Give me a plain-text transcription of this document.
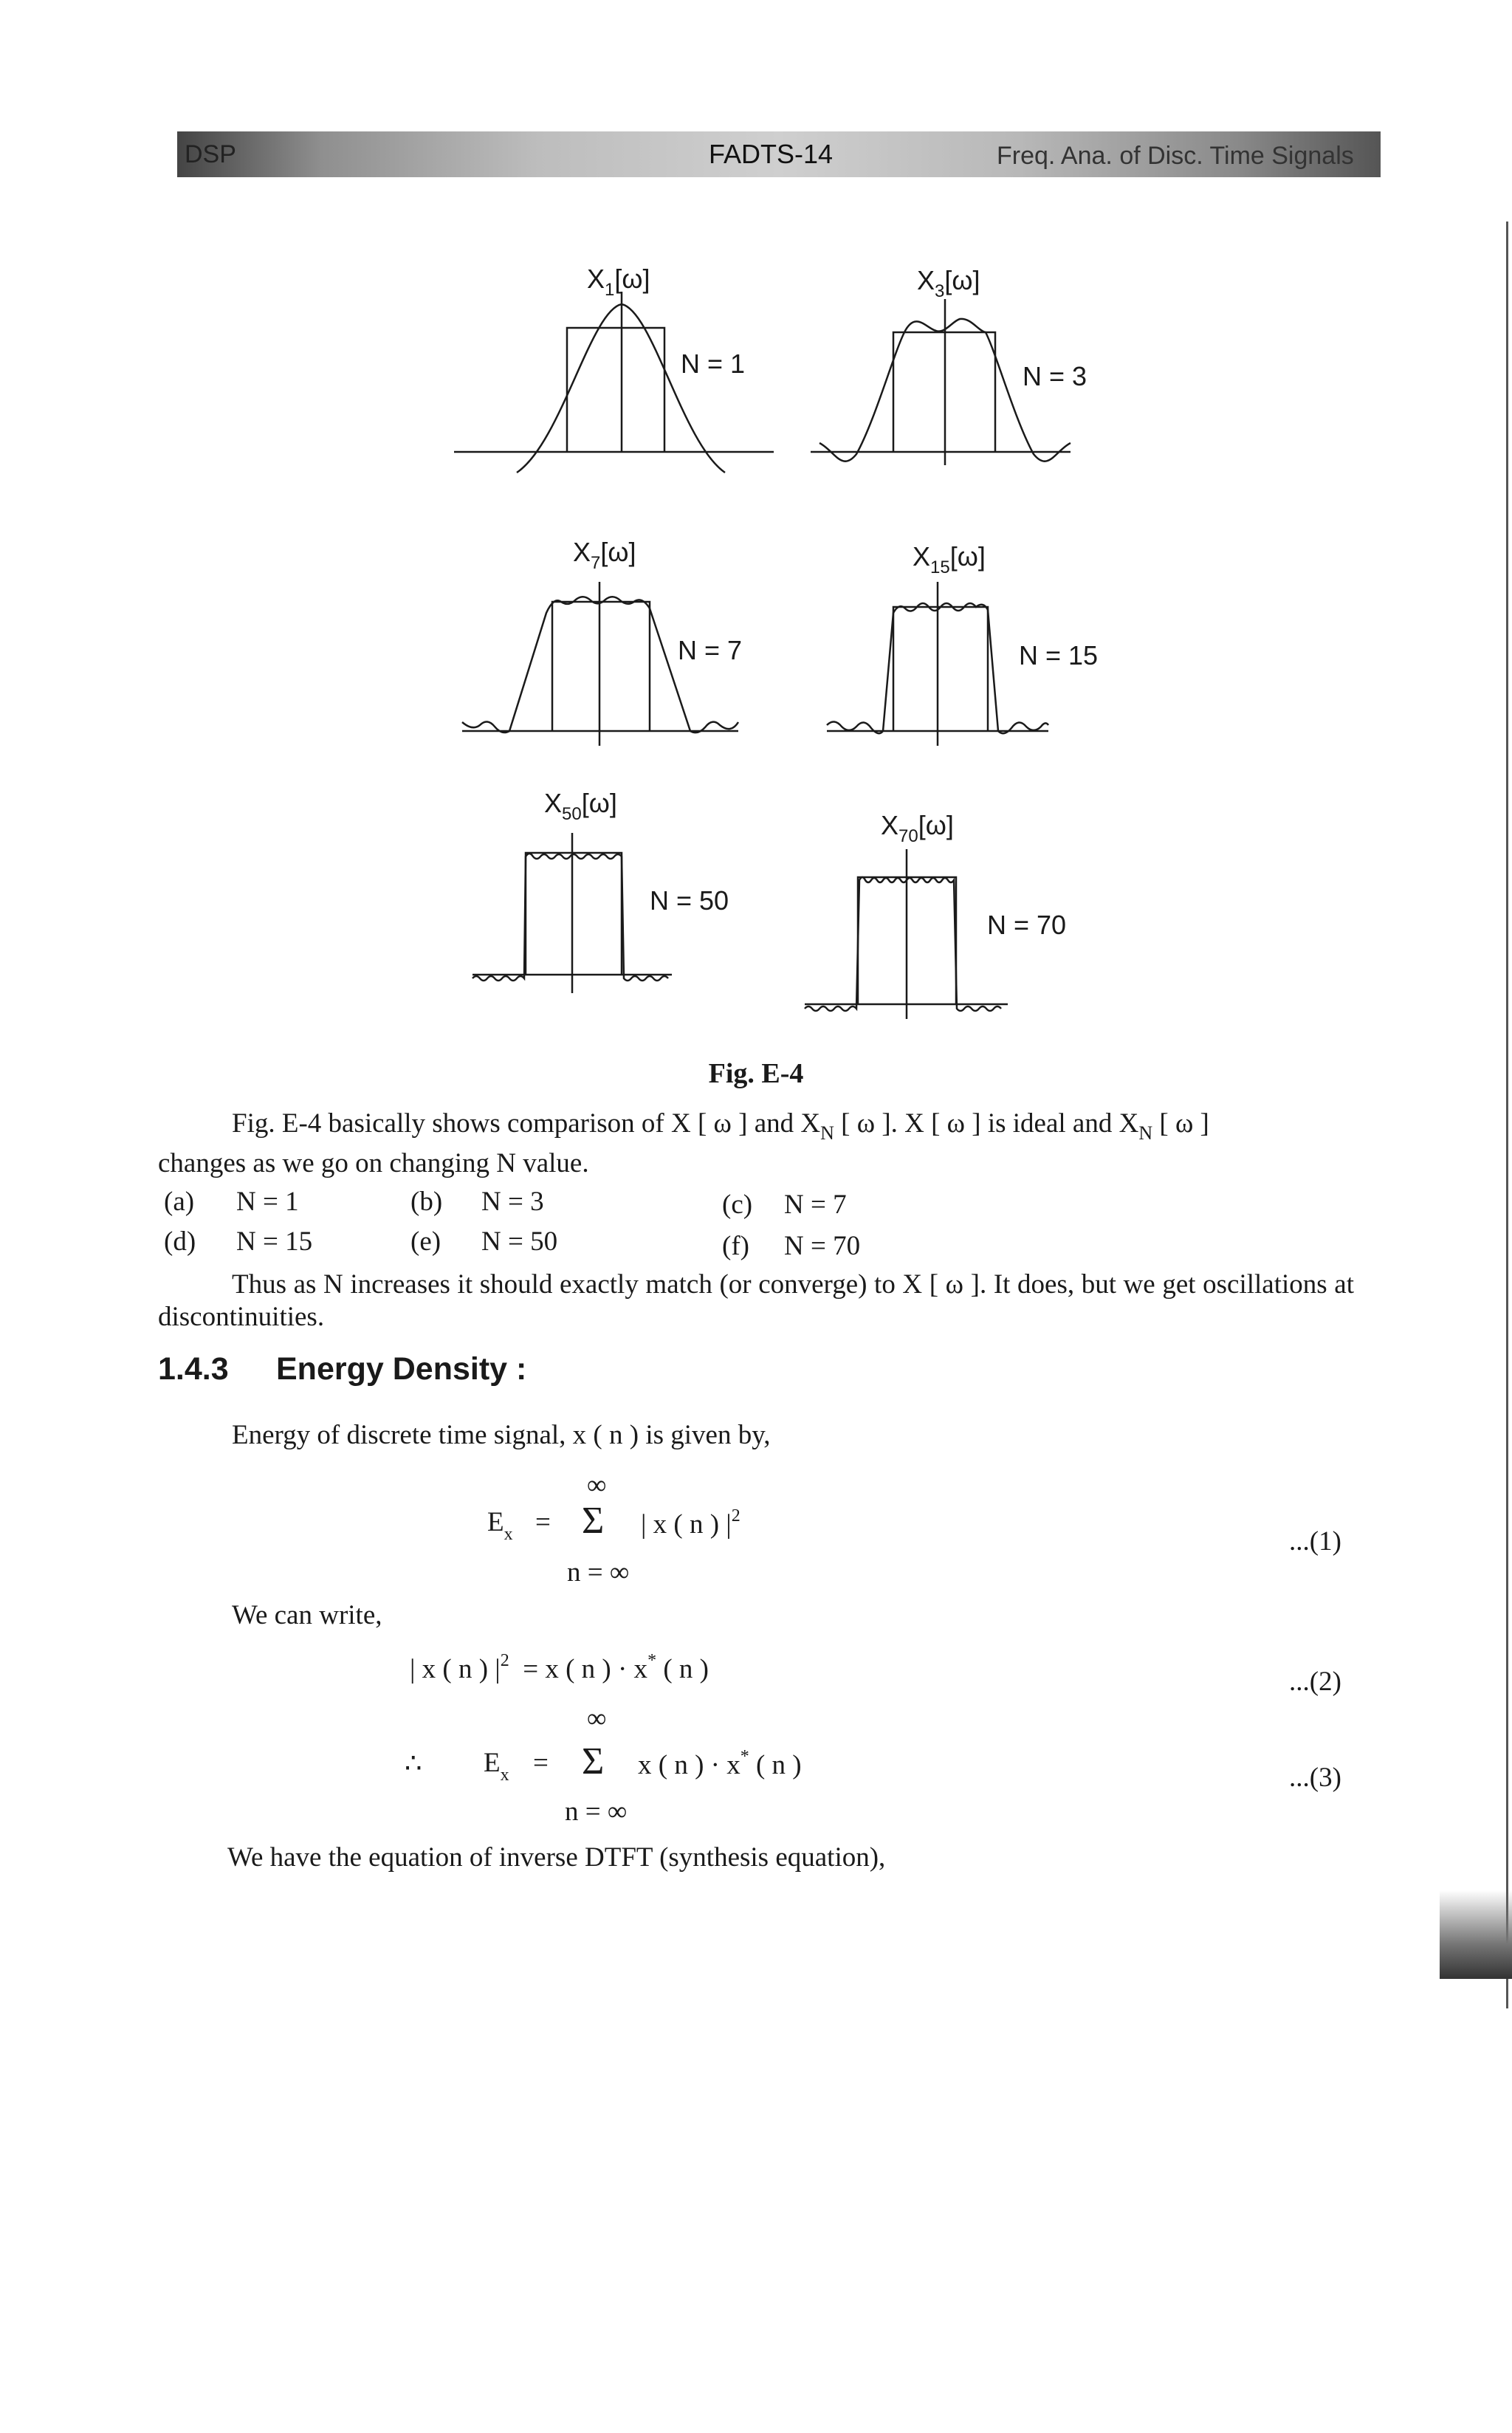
DSP	FADTS-14	Freq. Ana. of Disc. Time Signals
$X_1[\omega]$
N = 1
$X_3[\omega]$
N = 3
$X_7[\omega]$
N = 7
$X_{15}[\omega]$
N = 15
$X_{50}[\omega]$
N = 50
$X_{70}[\omega]$
N = 70
Fig. E-4
Fig. E-4 basically shows comparison of X [ ω ] and $X_N$ [ ω ]. X [ ω ] is ideal and $X_N$ [ ω ]
changes as we go on changing N value.
(a) N = 1	(b) N = 3	(c) N = 7
(d) N = 15	(e) N = 50	(f) N = 70
Thus as N increases it should exactly match (or converge) to X [ ω ]. It does, but we get oscillations at discontinuities.
1.4.3 Energy Density :
Energy of discrete time signal, x ( n ) is given by,
∞
$E_x = \Sigma$ | x ( n ) $|^2$
n = ∞
...(1)
We can write,
| x ( n ) $|^2 = x$ ( n ) · x* ( n )	...(2)
∞
∴ $E_x = \Sigma$ x ( n ) · x* ( n )
n = ∞
...(3)
We have the equation of inverse DTFT (synthesis equation),
